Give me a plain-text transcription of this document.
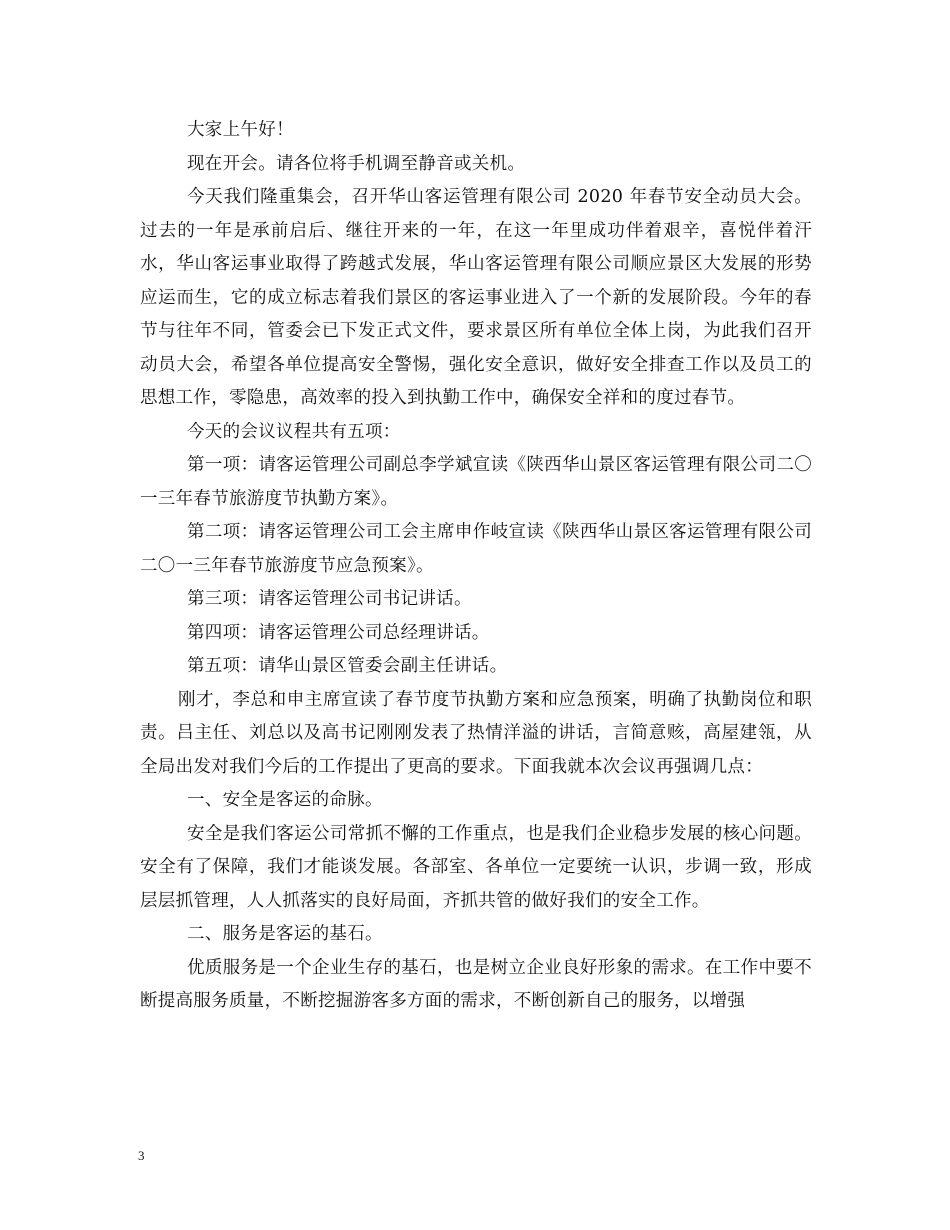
大家上午好！

现在开会。请各位将手机调至静音或关机。

今天我们隆重集会，召开华山客运管理有限公司 2020 年春节安全动员大会。过去的一年是承前启后、继往开来的一年，在这一年里成功伴着艰辛，喜悦伴着汗水，华山客运事业取得了跨越式发展，华山客运管理有限公司顺应景区大发展的形势应运而生，它的成立标志着我们景区的客运事业进入了一个新的发展阶段。今年的春节与往年不同，管委会已下发正式文件，要求景区所有单位全体上岗，为此我们召开动员大会，希望各单位提高安全警惕，强化安全意识，做好安全排查工作以及员工的思想工作，零隐患，高效率的投入到执勤工作中，确保安全祥和的度过春节。

今天的会议议程共有五项：

第一项：请客运管理公司副总李学斌宣读《陕西华山景区客运管理有限公司二〇一三年春节旅游度节执勤方案》。

第二项：请客运管理公司工会主席申作岐宣读《陕西华山景区客运管理有限公司二〇一三年春节旅游度节应急预案》。

第三项：请客运管理公司书记讲话。

第四项：请客运管理公司总经理讲话。

第五项：请华山景区管委会副主任讲话。

刚才，李总和申主席宣读了春节度节执勤方案和应急预案，明确了执勤岗位和职责。吕主任、刘总以及高书记刚刚发表了热情洋溢的讲话，言简意赅，高屋建瓴，从全局出发对我们今后的工作提出了更高的要求。下面我就本次会议再强调几点：

一、安全是客运的命脉。

安全是我们客运公司常抓不懈的工作重点，也是我们企业稳步发展的核心问题。安全有了保障，我们才能谈发展。各部室、各单位一定要统一认识，步调一致，形成层层抓管理，人人抓落实的良好局面，齐抓共管的做好我们的安全工作。

二、服务是客运的基石。

优质服务是一个企业生存的基石，也是树立企业良好形象的需求。在工作中要不断提高服务质量，不断挖掘游客多方面的需求，不断创新自己的服务，以增强

3
